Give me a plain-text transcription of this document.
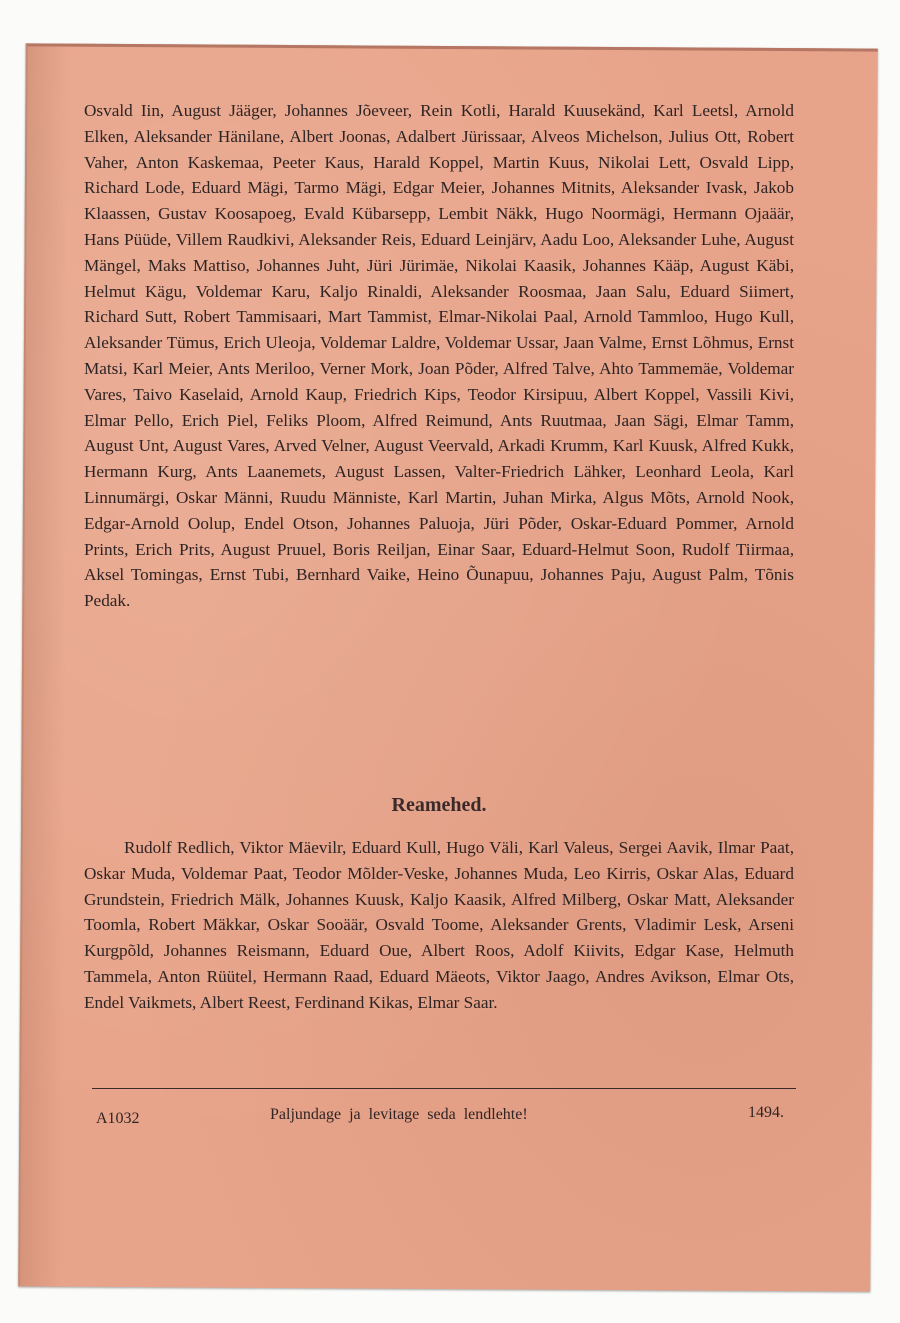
Osvald Iin, August Jääger, Johannes Jõeveer, Rein Kotli, Harald Kuusekänd, Karl Leetsl, Arnold Elken, Aleksander Hänilane, Albert Joonas, Adalbert Jürissaar, Alveos Michelson, Julius Ott, Robert Vaher, Anton Kaskemaa, Peeter Kaus, Harald Koppel, Martin Kuus, Nikolai Lett, Osvald Lipp, Richard Lode, Eduard Mägi, Tarmo Mägi, Edgar Meier, Johannes Mitnits, Aleksander Ivask, Jakob Klaassen, Gustav Koosapoeg, Evald Kübarsepp, Lembit Näkk, Hugo Noormägi, Hermann Ojaäär, Hans Püüde, Villem Raudkivi, Aleksander Reis, Eduard Leinjärv, Aadu Loo, Aleksander Luhe, August Mängel, Maks Mattiso, Johannes Juht, Jüri Jürimäe, Nikolai Kaasik, Johannes Kääp, August Käbi, Helmut Kägu, Voldemar Karu, Kaljo Rinaldi, Aleksander Roosmaa, Jaan Salu, Eduard Siimert, Richard Sutt, Robert Tammisaari, Mart Tammist, Elmar-Nikolai Paal, Arnold Tammloo, Hugo Kull, Aleksander Tümus, Erich Uleoja, Voldemar Laldre, Voldemar Ussar, Jaan Valme, Ernst Lõhmus, Ernst Matsi, Karl Meier, Ants Meriloo, Verner Mork, Joan Põder, Alfred Talve, Ahto Tammemäe, Voldemar Vares, Taivo Kaselaid, Arnold Kaup, Friedrich Kips, Teodor Kirsipuu, Albert Koppel, Vassili Kivi, Elmar Pello, Erich Piel, Feliks Ploom, Alfred Reimund, Ants Ruutmaa, Jaan Sägi, Elmar Tamm, August Unt, August Vares, Arved Velner, August Veervald, Arkadi Krumm, Karl Kuusk, Alfred Kukk, Hermann Kurg, Ants Laanemets, August Lassen, Valter-Friedrich Lähker, Leonhard Leola, Karl Linnumärgi, Oskar Männi, Ruudu Männiste, Karl Martin, Juhan Mirka, Algus Mõts, Arnold Nook, Edgar-Arnold Oolup, Endel Otson, Johannes Paluoja, Jüri Põder, Oskar-Eduard Pommer, Arnold Prints, Erich Prits, August Pruuel, Boris Reiljan, Einar Saar, Eduard-Helmut Soon, Rudolf Tiirmaa, Aksel Tomingas, Ernst Tubi, Bernhard Vaike, Heino Õunapuu, Johannes Paju, August Palm, Tõnis Pedak.

Reamehed.

Rudolf Redlich, Viktor Mäevilr, Eduard Kull, Hugo Väli, Karl Valeus, Sergei Aavik, Ilmar Paat, Oskar Muda, Voldemar Paat, Teodor Mõlder-Veske, Johannes Muda, Leo Kirris, Oskar Alas, Eduard Grundstein, Friedrich Mälk, Johannes Kuusk, Kaljo Kaasik, Alfred Milberg, Oskar Matt, Aleksander Toomla, Robert Mäkkar, Oskar Sooäär, Osvald Toome, Aleksander Grents, Vladimir Lesk, Arseni Kurgpõld, Johannes Reismann, Eduard Oue, Albert Roos, Adolf Kiivits, Edgar Kase, Helmuth Tammela, Anton Rüütel, Hermann Raad, Eduard Mäeots, Viktor Jaago, Andres Avikson, Elmar Ots, Endel Vaikmets, Albert Reest, Ferdinand Kikas, Elmar Saar.

A1032	Paljundage ja levitage seda lendlehte!	1494.
